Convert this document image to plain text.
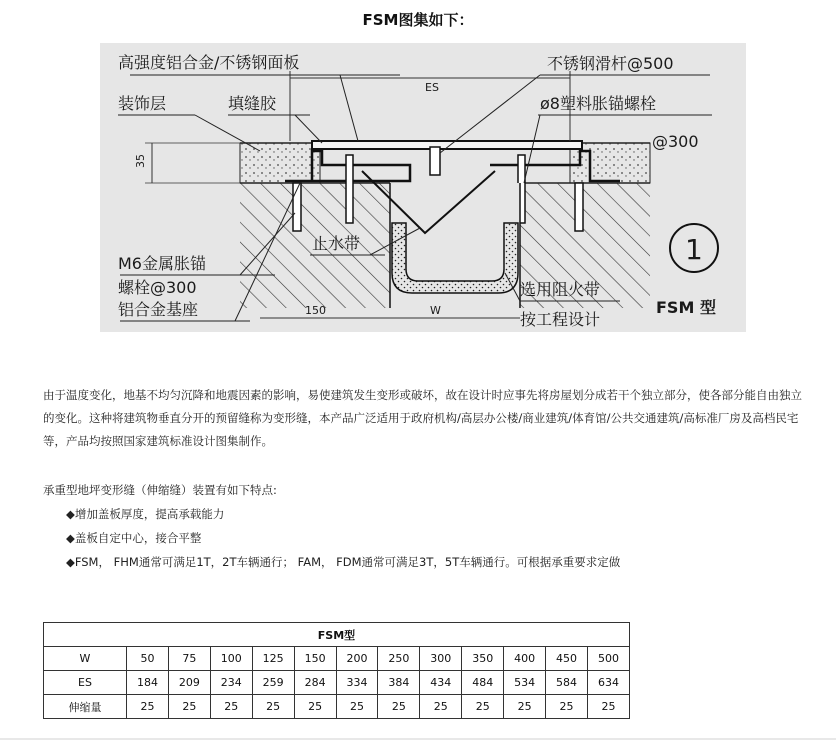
FSM图集如下：
高强度铝合金/不锈钢面板	不锈钢滑杆@500
装饰层	填缝胶	ø8塑料胀锚螺栓
@300
ES
35
M6金属胀锚
螺栓@300
铝合金基座
止水带
选用阻火带
按工程设计
150	W
1
FSM 型
由于温度变化，地基不均匀沉降和地震因素的影响，易使建筑发生变形或破坏，故在设计时应事先将房屋划分成若干个独立部分，使各部分能自由独立的变化。这种将建筑物垂直分开的预留缝称为变形缝，本产品广泛适用于政府机构/高层办公楼/商业建筑/体育馆/公共交通建筑/高标准厂房及高档民宅等，产品均按照国家建筑标准设计图集制作。
承重型地坪变形缝（伸缩缝）装置有如下特点:
◆增加盖板厚度，提高承载能力
◆盖板自定中心，接合平整
◆FSM， FHM通常可满足1T，2T车辆通行； FAM， FDM通常可满足3T，5T车辆通行。可根据承重要求定做
FSM型												
W	50	75	100	125	150	200	250	300	350	400	450	500
ES	184	209	234	259	284	334	384	434	484	534	584	634
伸缩量	25	25	25	25	25	25	25	25	25	25	25	25
